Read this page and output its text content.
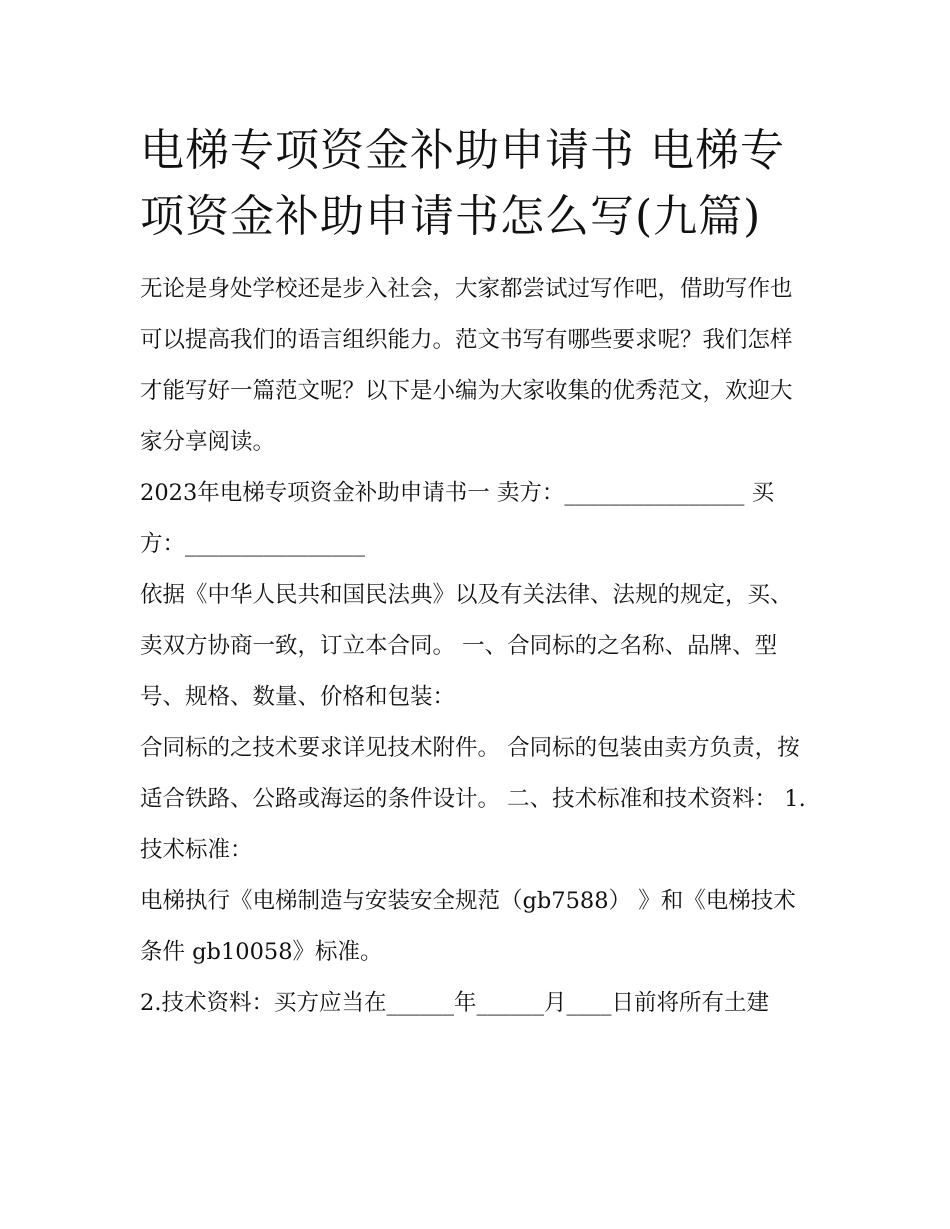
电梯专项资金补助申请书 电梯专项资金补助申请书怎么写(九篇)

无论是身处学校还是步入社会，大家都尝试过写作吧，借助写作也可以提高我们的语言组织能力。范文书写有哪些要求呢？我们怎样才能写好一篇范文呢？以下是小编为大家收集的优秀范文，欢迎大家分享阅读。

2023年电梯专项资金补助申请书一 卖方：________________ 买方：________________

依据《中华人民共和国民法典》以及有关法律、法规的规定，买、卖双方协商一致，订立本合同。 一、合同标的之名称、品牌、型号、规格、数量、价格和包装：

合同标的之技术要求详见技术附件。 合同标的包装由卖方负责，按适合铁路、公路或海运的条件设计。 二、技术标准和技术资料： 1.技术标准：

电梯执行《电梯制造与安装安全规范（gb7588） 》和《电梯技术条件 gb10058》标准。

2.技术资料：买方应当在______年______月____日前将所有土建
